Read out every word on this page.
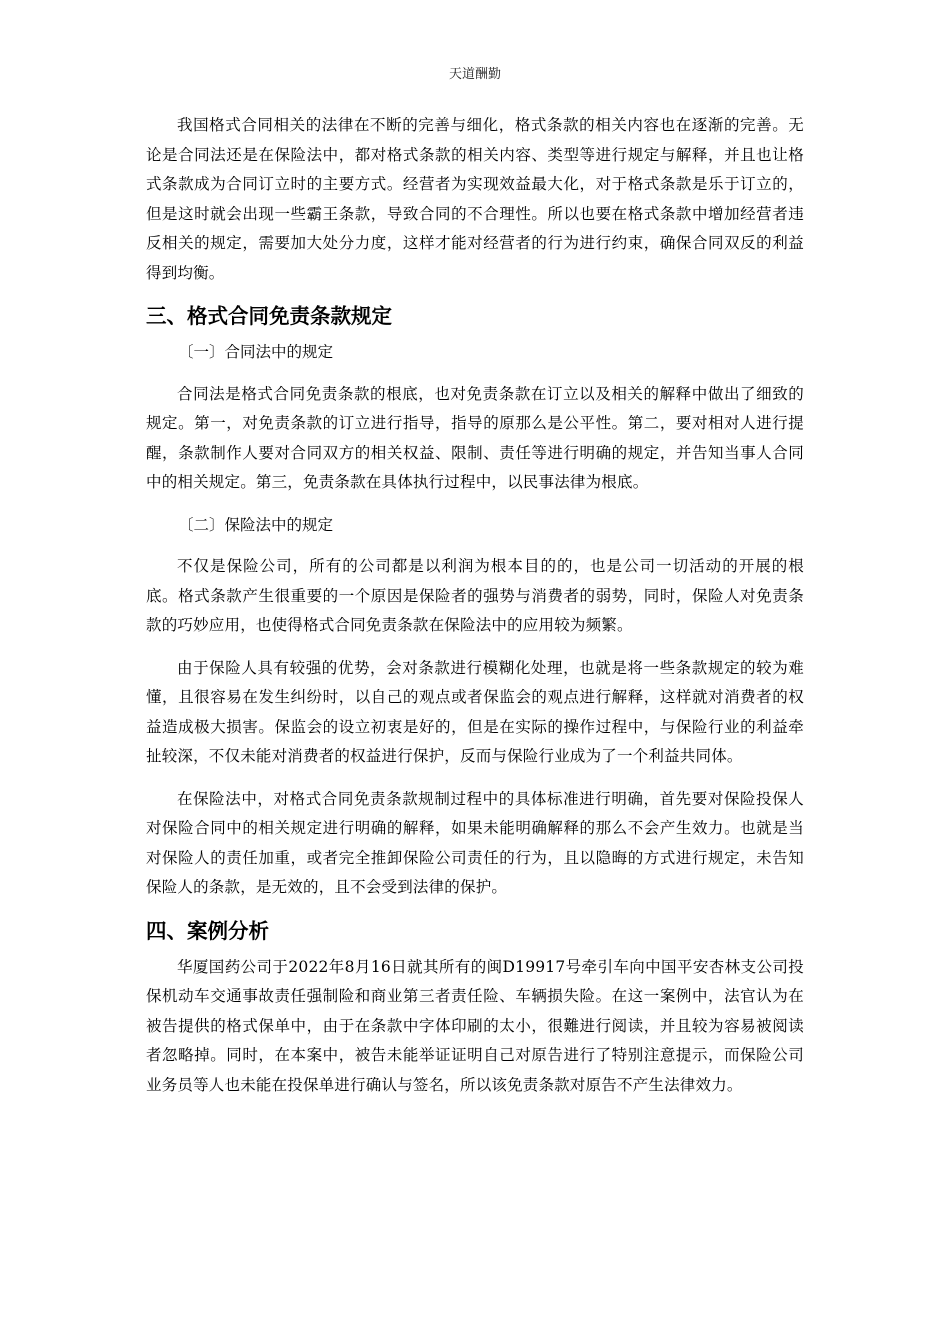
天道酬勤

我国格式合同相关的法律在不断的完善与细化，格式条款的相关内容也在逐渐的完善。无论是合同法还是在保险法中，都对格式条款的相关内容、类型等进行规定与解释，并且也让格式条款成为合同订立时的主要方式。经营者为实现效益最大化，对于格式条款是乐于订立的，但是这时就会出现一些霸王条款，导致合同的不合理性。所以也要在格式条款中增加经营者违反相关的规定，需要加大处分力度，这样才能对经营者的行为进行约束，确保合同双反的利益得到均衡。

三、格式合同免责条款规定

〔一〕合同法中的规定

合同法是格式合同免责条款的根底，也对免责条款在订立以及相关的解释中做出了细致的规定。第一，对免责条款的订立进行指导，指导的原那么是公平性。第二，要对相对人进行提醒，条款制作人要对合同双方的相关权益、限制、责任等进行明确的规定，并告知当事人合同中的相关规定。第三，免责条款在具体执行过程中，以民事法律为根底。

〔二〕保险法中的规定

不仅是保险公司，所有的公司都是以利润为根本目的的，也是公司一切活动的开展的根底。格式条款产生很重要的一个原因是保险者的强势与消费者的弱势，同时，保险人对免责条款的巧妙应用，也使得格式合同免责条款在保险法中的应用较为频繁。

由于保险人具有较强的优势，会对条款进行模糊化处理，也就是将一些条款规定的较为难懂，且很容易在发生纠纷时，以自己的观点或者保监会的观点进行解释，这样就对消费者的权益造成极大损害。保监会的设立初衷是好的，但是在实际的操作过程中，与保险行业的利益牵扯较深，不仅未能对消费者的权益进行保护，反而与保险行业成为了一个利益共同体。

在保险法中，对格式合同免责条款规制过程中的具体标准进行明确，首先要对保险投保人对保险合同中的相关规定进行明确的解释，如果未能明确解释的那么不会产生效力。也就是当对保险人的责任加重，或者完全推卸保险公司责任的行为，且以隐晦的方式进行规定，未告知保险人的条款，是无效的，且不会受到法律的保护。

四、案例分析

华厦国药公司于2022年8月16日就其所有的闽D19917号牵引车向中国平安杏林支公司投保机动车交通事故责任强制险和商业第三者责任险、车辆损失险。在这一案例中，法官认为在被告提供的格式保单中，由于在条款中字体印刷的太小，很難进行阅读，并且较为容易被阅读者忽略掉。同时，在本案中，被告未能举证证明自己对原告进行了特别注意提示，而保险公司业务员等人也未能在投保单进行确认与签名，所以该免责条款对原告不产生法律效力。
